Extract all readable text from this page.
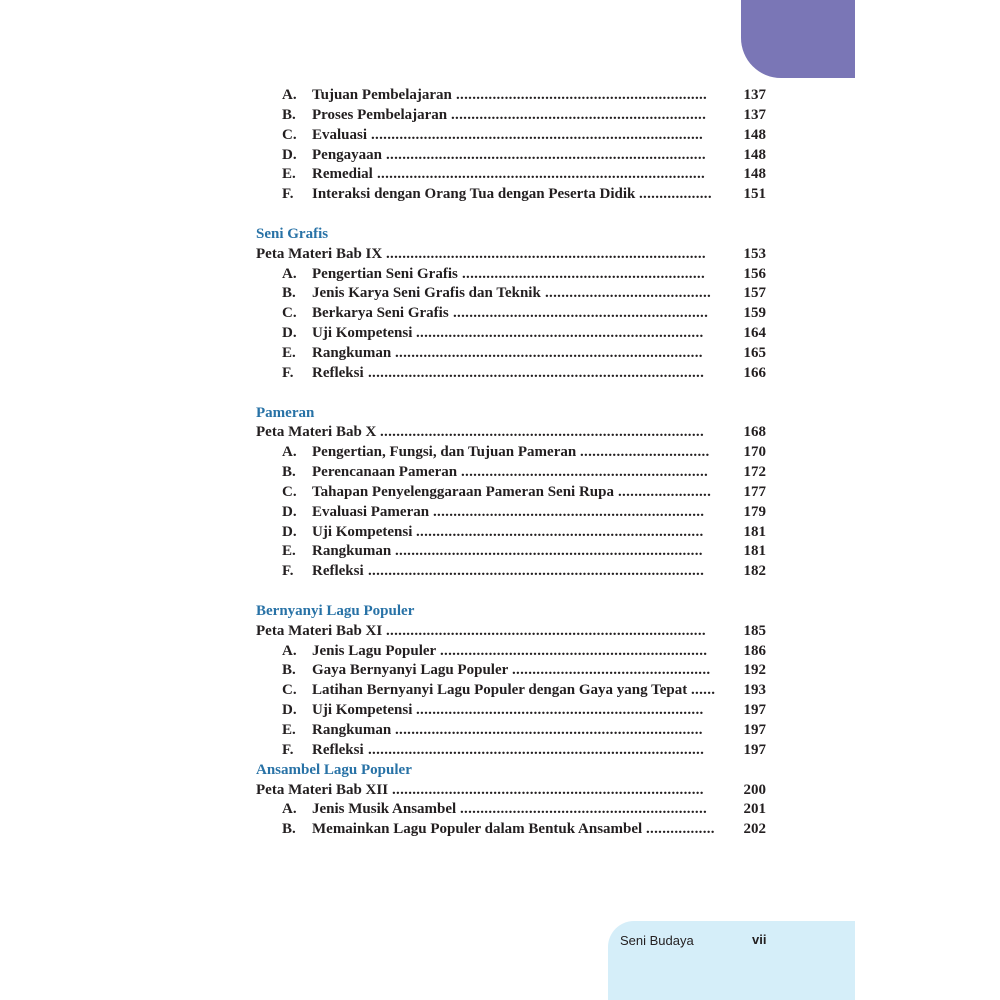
A. Tujuan Pembelajaran ..............................................................	137
B. Proses Pembelajaran ...............................................................	137
C. Evaluasi ..................................................................................	148
D. Pengayaan ...............................................................................	148
E. Remedial .................................................................................	148
F. Interaksi dengan Orang Tua dengan Peserta Didik ..................	151
Seni Grafis
Peta Materi Bab IX ...............................................................................	153
A. Pengertian Seni Grafis ............................................................	156
B. Jenis Karya Seni Grafis dan Teknik .........................................	157
C. Berkarya Seni Grafis ...............................................................	159
D. Uji Kompetensi .......................................................................	164
E. Rangkuman ............................................................................	165
F. Refleksi ...................................................................................	166
Pameran
Peta Materi Bab X ................................................................................	168
A. Pengertian, Fungsi, dan Tujuan Pameran ................................	170
B. Perencanaan Pameran .............................................................	172
C. Tahapan Penyelenggaraan Pameran Seni Rupa .......................	177
D. Evaluasi Pameran ...................................................................	179
D. Uji Kompetensi .......................................................................	181
E. Rangkuman ............................................................................	181
F. Refleksi ...................................................................................	182
Bernyanyi Lagu Populer
Peta Materi Bab XI ...............................................................................	185
A. Jenis Lagu Populer ..................................................................	186
B. Gaya Bernyanyi Lagu Populer .................................................	192
C. Latihan Bernyanyi Lagu Populer dengan Gaya yang Tepat ......	193
D. Uji Kompetensi .......................................................................	197
E. Rangkuman ............................................................................	197
F. Refleksi ...................................................................................	197
Ansambel Lagu Populer
Peta Materi Bab XII .............................................................................	200
A. Jenis Musik Ansambel .............................................................	201
B. Memainkan Lagu Populer dalam Bentuk Ansambel .................	202
Seni Budaya	vii
